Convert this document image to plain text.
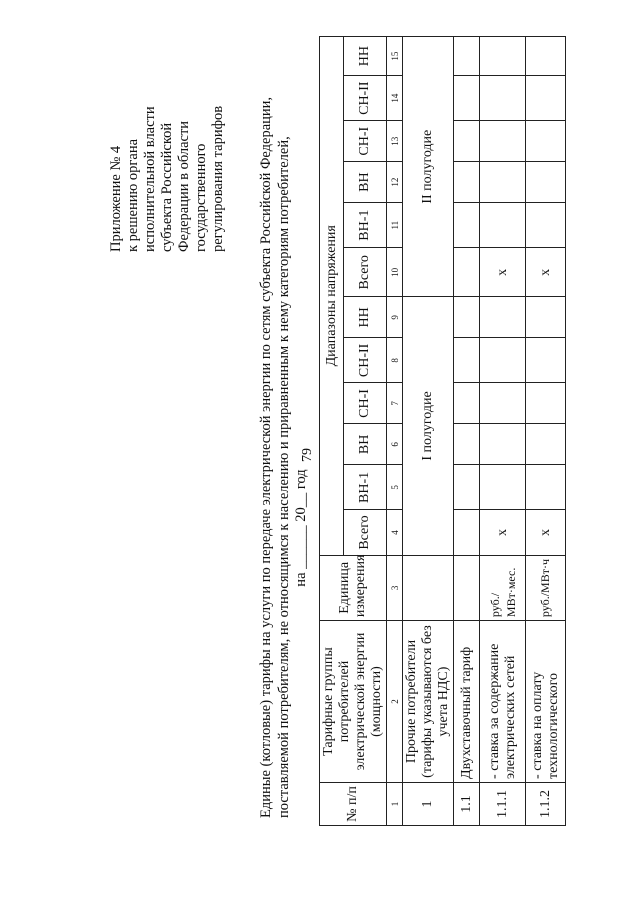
79
Приложение № 4 к решению органа исполнительной власти субъекта Российской Федерации в области государственного регулирования тарифов Единые (котловые) тарифы на услуги по передаче электрической энергии по сетям субъекта Российской Федерации, поставляемой потребителям, не относящимся к населению и приравненным к нему категориям потребителей, на ______ 20__ год
№ п/п	Тарифные группы потребителей электрической энергии (мощности)	Единица измерения	Диапазоны напряжения											
			Всего	ВН-1	ВН	СН-I	СН-II	НН	Всего	ВН-1	ВН	СН-I	СН-II	НН
1	2	3	4	5	6	7	8	9	10	11	12	13	14	15
1	Прочие потребители (тарифы указываются без учета НДС)		I полугодие						II полугодие					
1.1	Двухставочный тариф													
1.1.1	- ставка за содержание электрических сетей	руб./МВт·мес.	х						х					
1.1.2	- ставка на оплату технологического	руб./МВт·ч	х						х					
